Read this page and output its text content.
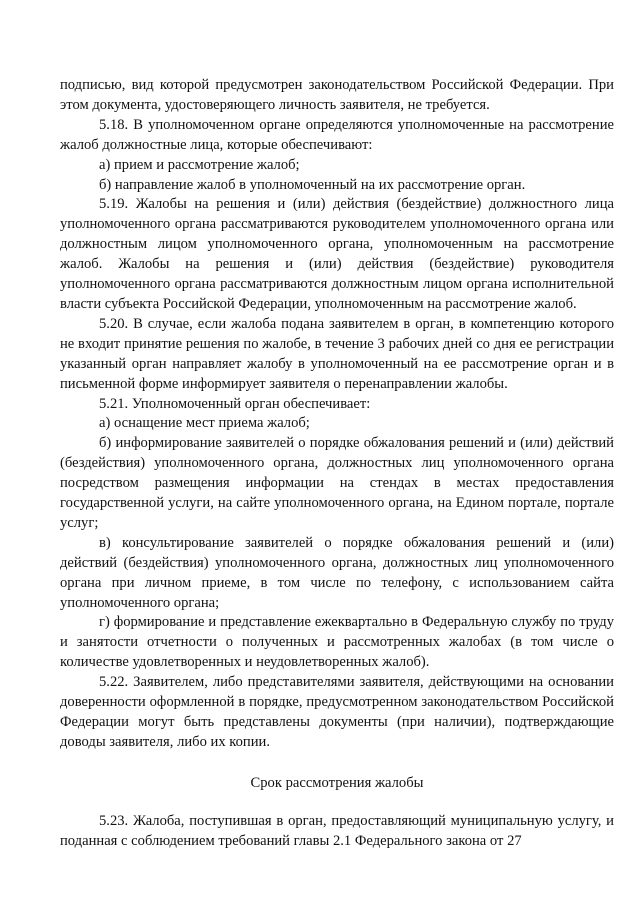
подписью, вид которой предусмотрен законодательством Российской Федерации. При этом документа, удостоверяющего личность заявителя, не требуется.

5.18. В уполномоченном органе определяются уполномоченные на рассмотрение жалоб должностные лица, которые обеспечивают:

а) прием и рассмотрение жалоб;

б) направление жалоб в уполномоченный на их рассмотрение орган.

5.19. Жалобы на решения и (или) действия (бездействие) должностного лица уполномоченного органа рассматриваются руководителем уполномоченного органа или должностным лицом уполномоченного органа, уполномоченным на рассмотрение жалоб. Жалобы на решения и (или) действия (бездействие) руководителя уполномоченного органа рассматриваются должностным лицом органа исполнительной власти субъекта Российской Федерации, уполномоченным на рассмотрение жалоб.

5.20. В случае, если жалоба подана заявителем в орган, в компетенцию которого не входит принятие решения по жалобе, в течение 3 рабочих дней со дня ее регистрации указанный орган направляет жалобу в уполномоченный на ее рассмотрение орган и в письменной форме информирует заявителя о перенаправлении жалобы.

5.21. Уполномоченный орган обеспечивает:

а) оснащение мест приема жалоб;

б) информирование заявителей о порядке обжалования решений и (или) действий (бездействия) уполномоченного органа, должностных лиц уполномоченного органа посредством размещения информации на стендах в местах предоставления государственной услуги, на сайте уполномоченного органа, на Едином портале, портале услуг;

в) консультирование заявителей о порядке обжалования решений и (или) действий (бездействия) уполномоченного органа, должностных лиц уполномоченного органа при личном приеме, в том числе по телефону, с использованием сайта уполномоченного органа;

г) формирование и представление ежеквартально в Федеральную службу по труду и занятости отчетности о полученных и рассмотренных жалобах (в том числе о количестве удовлетворенных и неудовлетворенных жалоб).

5.22. Заявителем, либо представителями заявителя, действующими на основании доверенности оформленной в порядке, предусмотренном законодательством Российской Федерации могут быть представлены документы (при наличии), подтверждающие доводы заявителя, либо их копии.

Срок рассмотрения жалобы

5.23. Жалоба, поступившая в орган, предоставляющий муниципальную услугу, и поданная с соблюдением требований главы 2.1 Федерального закона от 27
